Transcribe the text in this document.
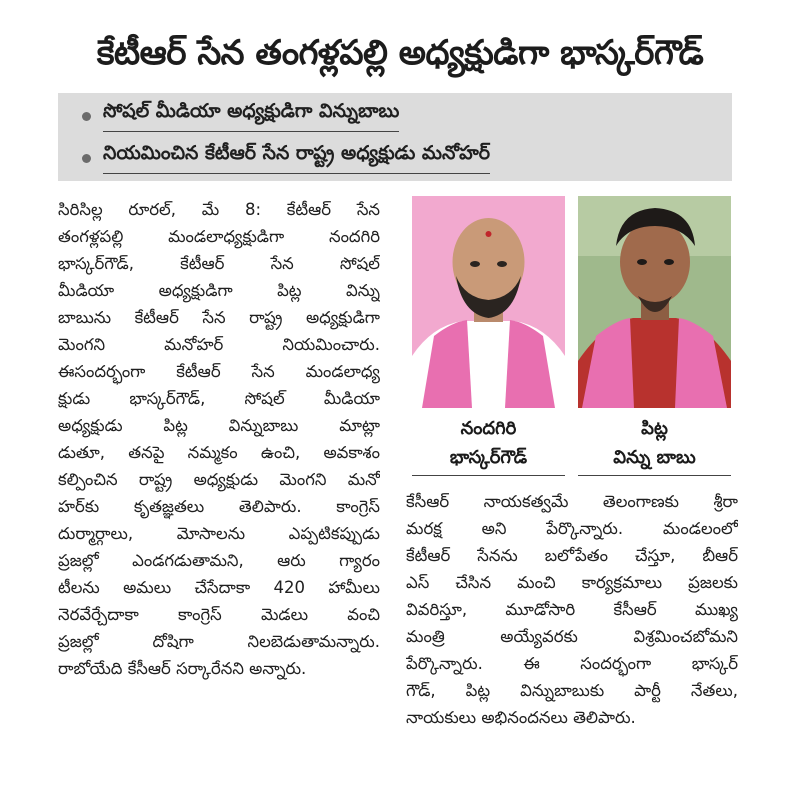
కేటీఆర్ సేన తంగళ్లపల్లి అధ్యక్షుడిగా భాస్కర్‌గౌడ్
సోషల్ మీడియా అధ్యక్షుడిగా విన్నుబాబు
నియమించిన కేటీఆర్ సేన రాష్ట్ర అధ్యక్షుడు మనోహర్
సిరిసిల్ల రూరల్, మే 8: కేటీఆర్ సేన
తంగళ్లపల్లి మండలాధ్యక్షుడిగా నందగిరి
భాస్కర్‌గౌడ్, కేటీఆర్ సేన సోషల్
మీడియా అధ్యక్షుడిగా పిట్ల విన్ను
బాబును కేటీఆర్ సేన రాష్ట్ర అధ్యక్షుడిగా
మెంగని మనోహర్ నియమించారు.
ఈసందర్భంగా కేటీఆర్ సేన మండలాధ్య
క్షుడు భాస్కర్‌గౌడ్, సోషల్ మీడియా
అధ్యక్షుడు పిట్ల విన్నుబాబు మాట్లా
డుతూ, తనపై నమ్మకం ఉంచి, అవకాశం
కల్పించిన రాష్ట్ర అధ్యక్షుడు మెంగని మనో
హర్‌కు కృతజ్ఞతలు తెలిపారు. కాంగ్రెస్
దుర్మార్గాలు, మోసాలను ఎప్పటికప్పుడు
ప్రజల్లో ఎండగడుతామని, ఆరు గ్యారం
టీలను అమలు చేసేదాకా 420 హామీలు
నెరవేర్చేదాకా కాంగ్రెస్ మెడలు వంచి
ప్రజల్లో దోషిగా నిలబెడుతామన్నారు.
రాబోయేది కేసీఆర్ సర్కారేనని అన్నారు.
నందగిరి
భాస్కర్‌గౌడ్
పిట్ల
విన్ను బాబు
కేసీఆర్ నాయకత్వమే తెలంగాణకు శ్రీరా
మరక్ష అని పేర్కొన్నారు. మండలంలో
కేటీఆర్ సేనను బలోపేతం చేస్తూ, బీఆర్
ఎస్ చేసిన మంచి కార్యక్రమాలు ప్రజలకు
వివరిస్తూ, మూడోసారి కేసీఆర్ ముఖ్య
మంత్రి అయ్యేవరకు విశ్రమించబోమని
పేర్కొన్నారు. ఈ సందర్భంగా భాస్కర్
గౌడ్, పిట్ల విన్నుబాబుకు పార్టీ నేతలు,
నాయకులు అభినందనలు తెలిపారు.
